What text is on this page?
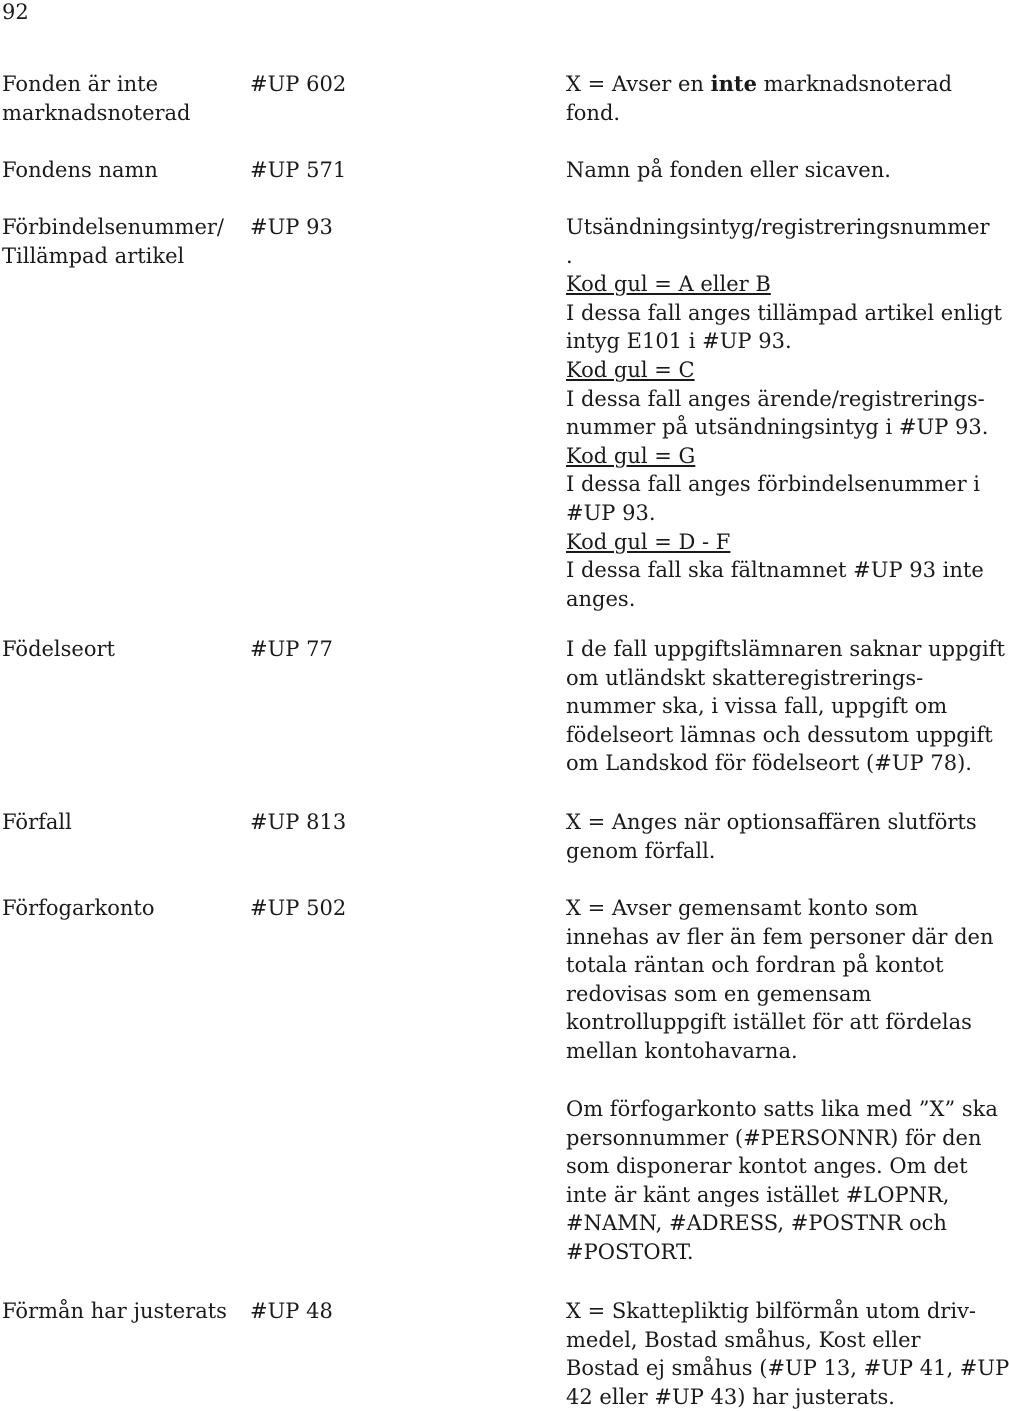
92
Fonden är inte
marknadsnoterad
#UP 602	X = Avser en inte marknadsnoterad
fond.
Fondens namn	#UP 571	Namn på fonden eller sicaven.
Förbindelsenummer/
Tillämpad artikel
#UP 93	Utsändningsintyg/registreringsnummer
.
Kod gul = A eller B
I dessa fall anges tillämpad artikel enligt
intyg E101 i #UP 93.
Kod gul = C
I dessa fall anges ärende/registrerings-
nummer på utsändningsintyg i #UP 93.
Kod gul = G
I dessa fall anges förbindelsenummer i
#UP 93.
Kod gul = D - F
I dessa fall ska fältnamnet #UP 93 inte
anges.
Födelseort	#UP 77	I de fall uppgiftslämnaren saknar uppgift
om utländskt skatteregistrerings-
nummer ska, i vissa fall, uppgift om
födelseort lämnas och dessutom uppgift
om Landskod för födelseort (#UP 78).
Förfall	#UP 813	X = Anges när optionsaffären slutförts
genom förfall.
Förfogarkonto	#UP 502	X = Avser gemensamt konto som
innehas av fler än fem personer där den
totala räntan och fordran på kontot
redovisas som en gemensam
kontrolluppgift istället för att fördelas
mellan kontohavarna.
Om förfogarkonto satts lika med ”X” ska
personnummer (#PERSONNR) för den
som disponerar kontot anges. Om det
inte är känt anges istället #LOPNR,
#NAMN, #ADRESS, #POSTNR och
#POSTORT.
Förmån har justerats	#UP 48	X = Skattepliktig bilförmån utom driv-
medel, Bostad småhus, Kost eller
Bostad ej småhus (#UP 13, #UP 41, #UP
42 eller #UP 43) har justerats.
